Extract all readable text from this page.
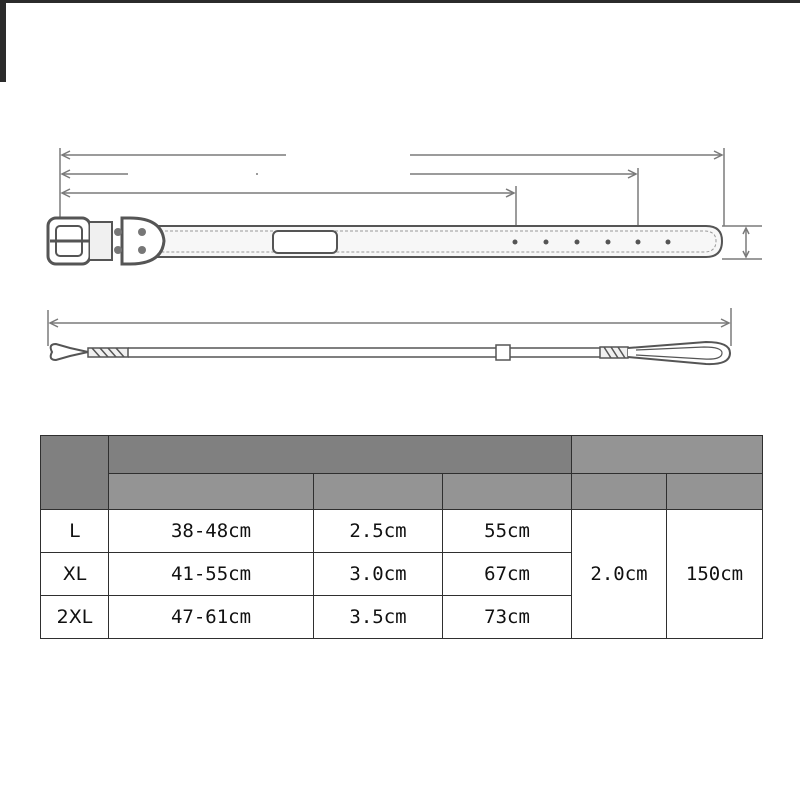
L	38-48cm	2.5cm	55cm	2.0cm	150cm
XL	41-55cm	3.0cm	67cm		
2XL	47-61cm	3.5cm	73cm		
